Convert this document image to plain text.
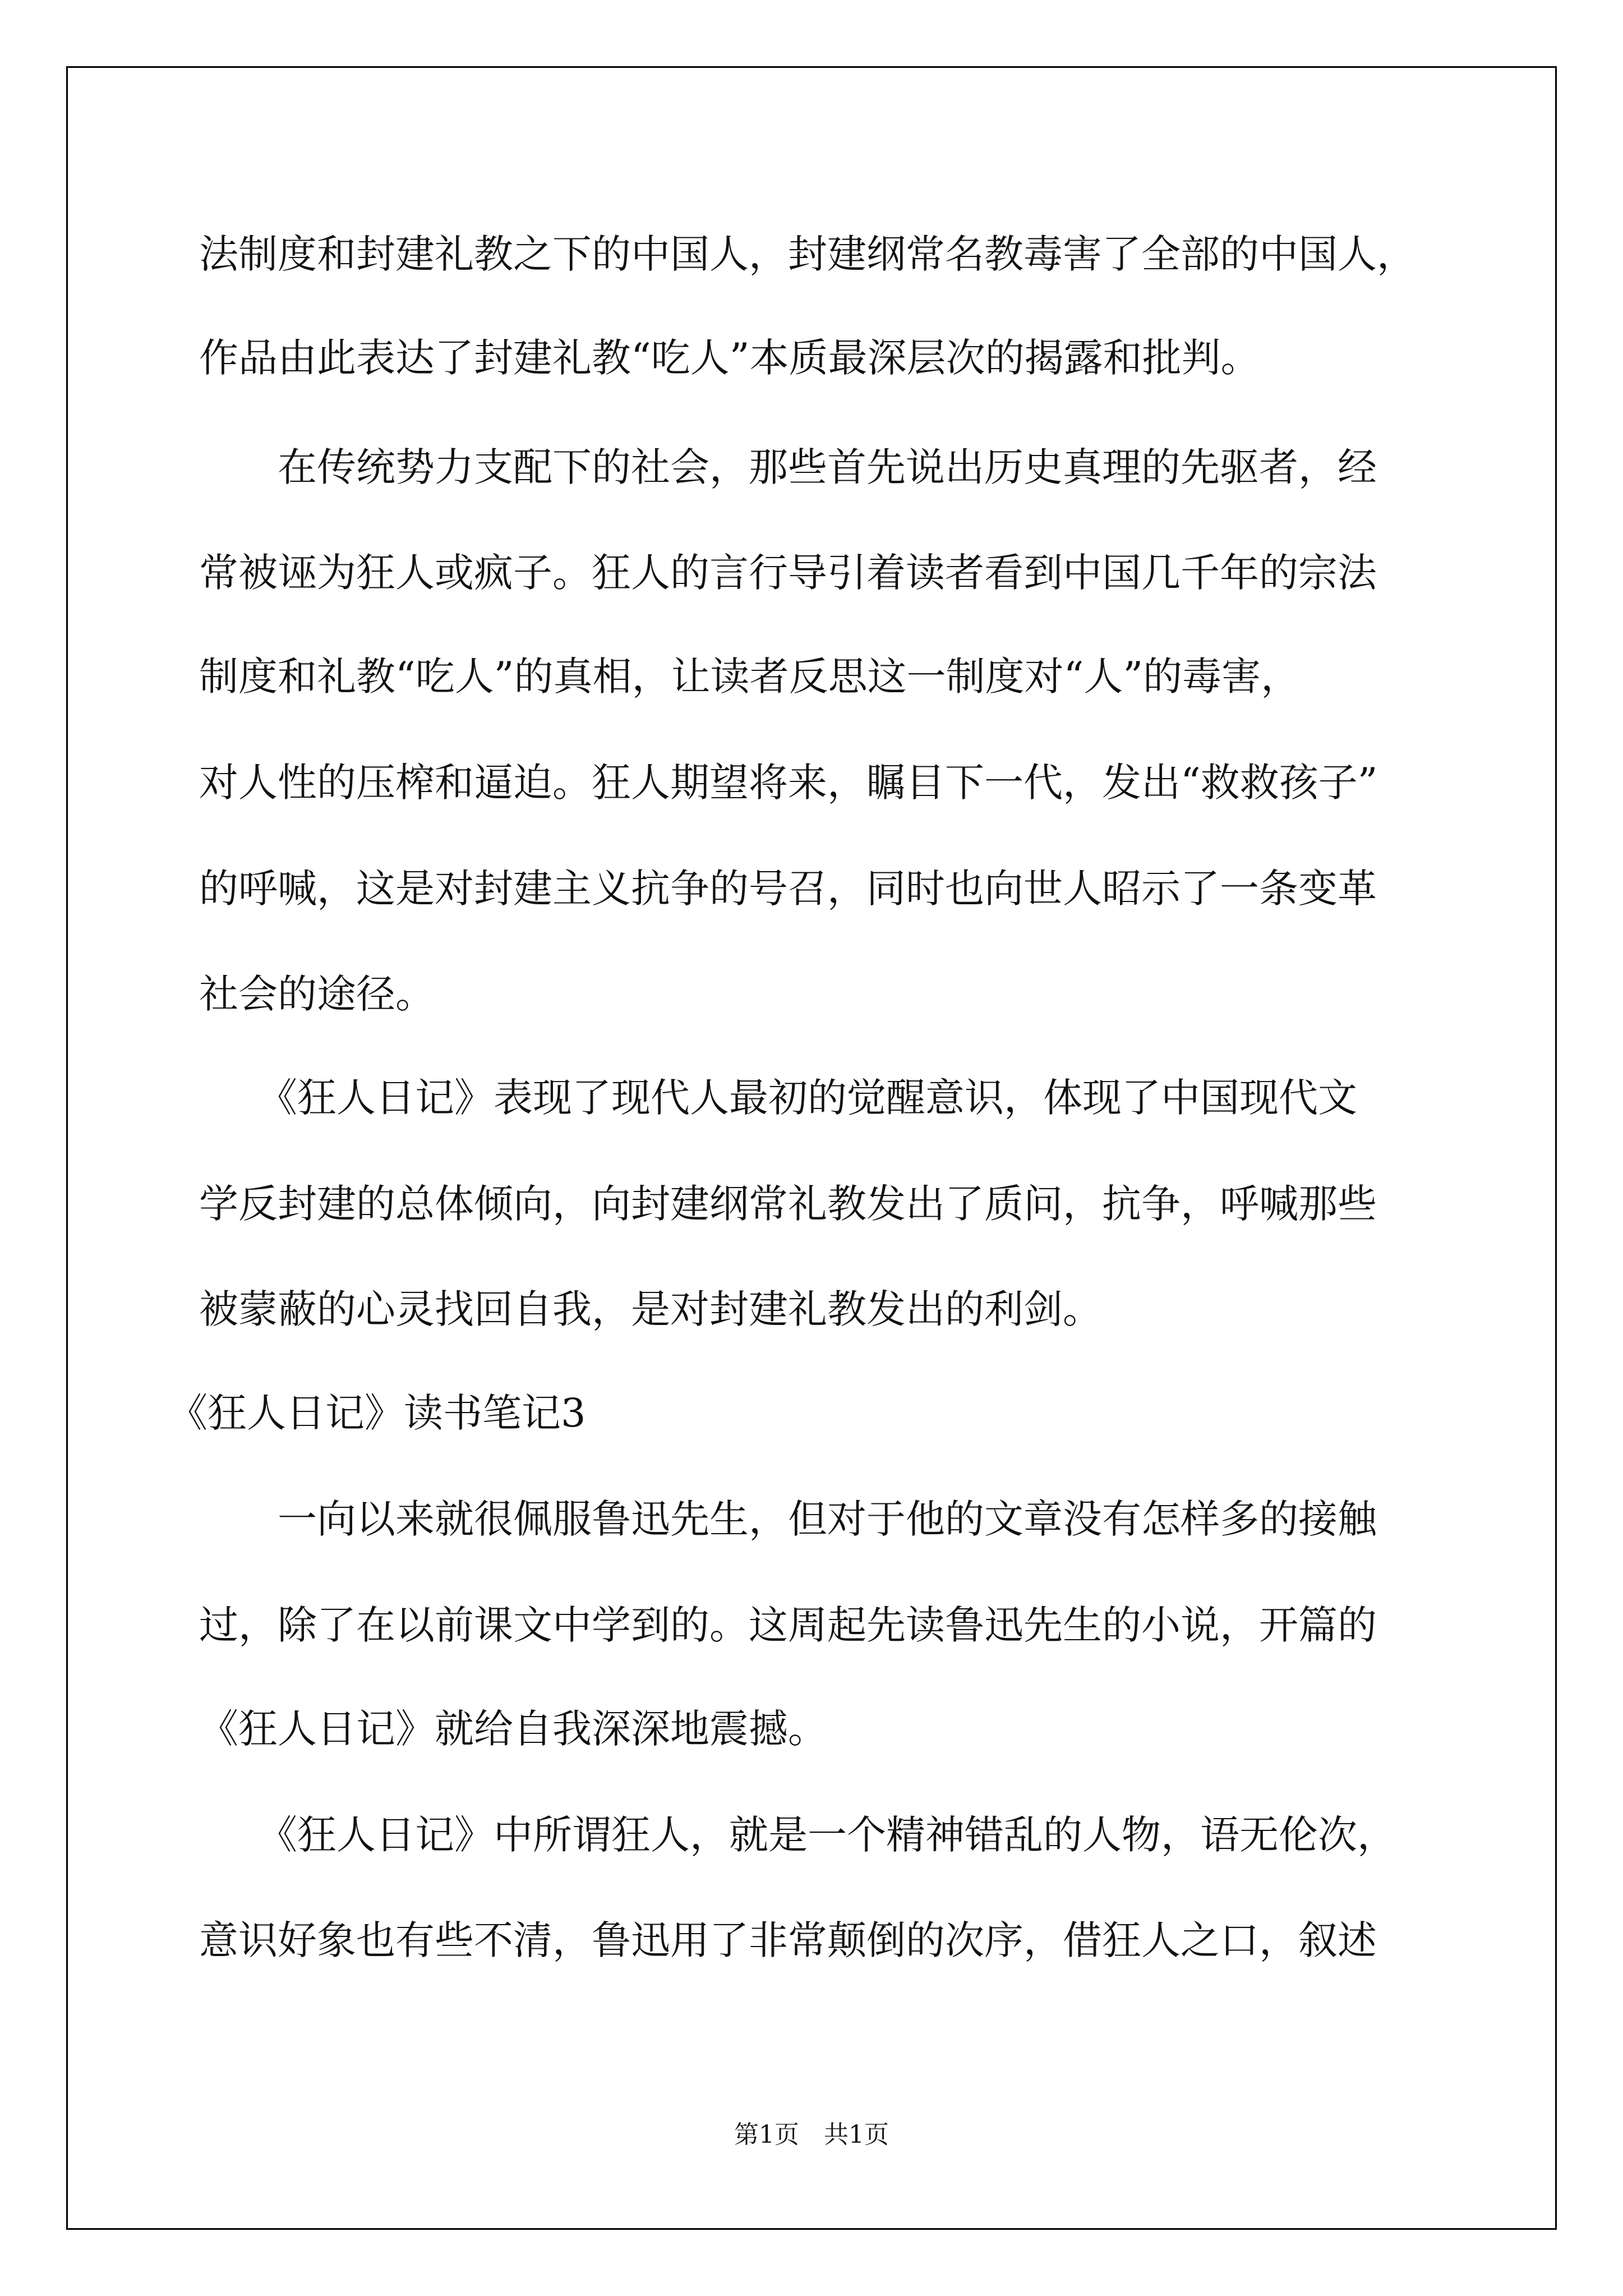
法制度和封建礼教之下的中国人，封建纲常名教毒害了全部的中国人，

作品由此表达了封建礼教“吃人”本质最深层次的揭露和批判。

　　在传统势力支配下的社会，那些首先说出历史真理的先驱者，经

常被诬为狂人或疯子。狂人的言行导引着读者看到中国几千年的宗法

制度和礼教“吃人”的真相，让读者反思这一制度对“人”的毒害，

对人性的压榨和逼迫。狂人期望将来，瞩目下一代，发出“救救孩子”

的呼喊，这是对封建主义抗争的号召，同时也向世人昭示了一条变革

社会的途径。

　　《狂人日记》表现了现代人最初的觉醒意识，体现了中国现代文

学反封建的总体倾向，向封建纲常礼教发出了质问，抗争，呼喊那些

被蒙蔽的心灵找回自我，是对封建礼教发出的利剑。

《狂人日记》读书笔记3

　　一向以来就很佩服鲁迅先生，但对于他的文章没有怎样多的接触

过，除了在以前课文中学到的。这周起先读鲁迅先生的小说，开篇的

《狂人日记》就给自我深深地震撼。

　　《狂人日记》中所谓狂人，就是一个精神错乱的人物，语无伦次，

意识好象也有些不清，鲁迅用了非常颠倒的次序，借狂人之口，叙述

第1页　共1页
